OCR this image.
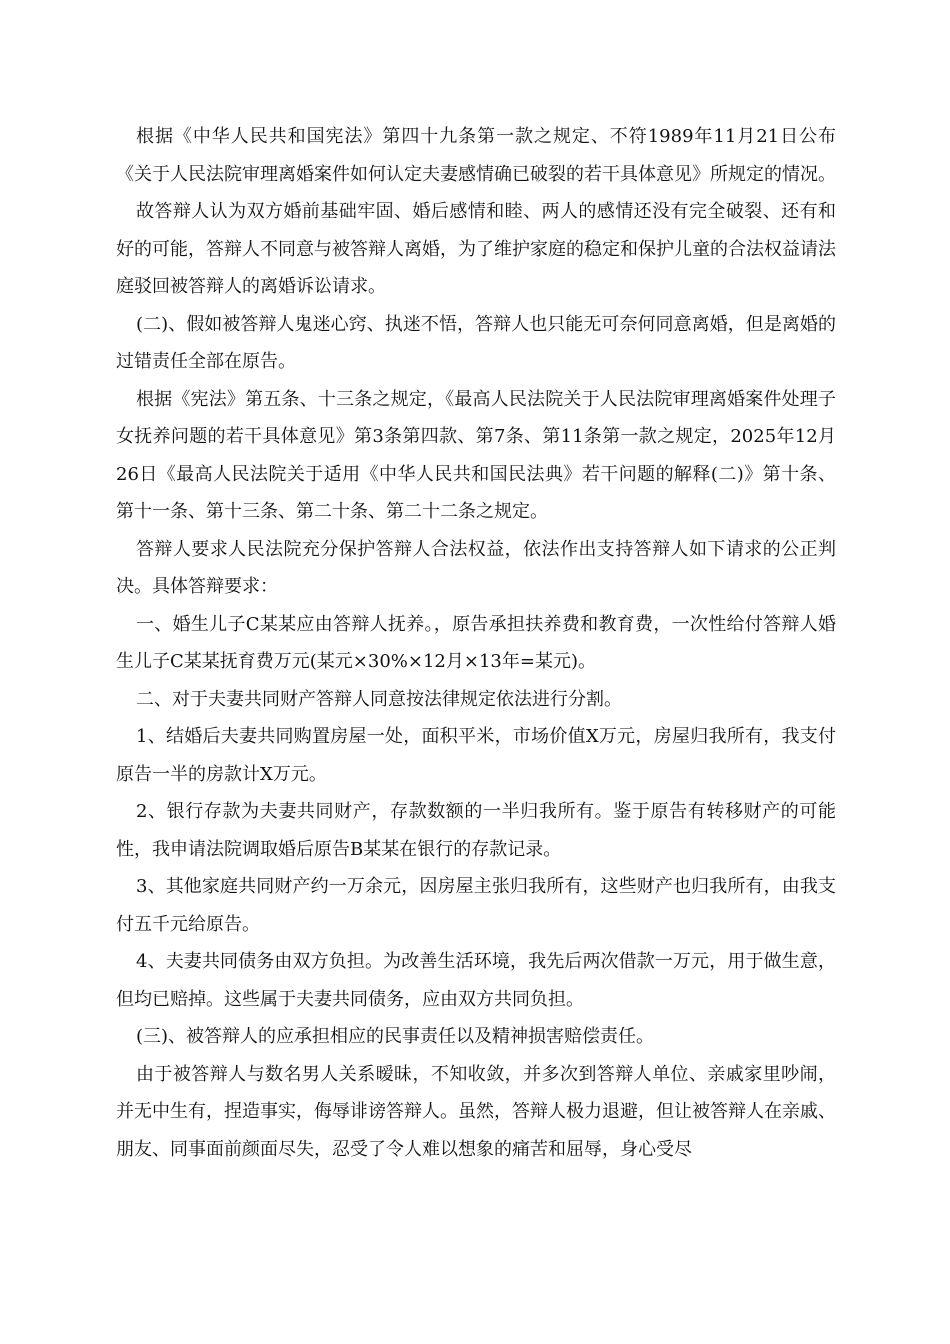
根据《中华人民共和国宪法》第四十九条第一款之规定、不符1989年11月21日公布《关于人民法院审理离婚案件如何认定夫妻感情确已破裂的若干具体意见》所规定的情况。

故答辩人认为双方婚前基础牢固、婚后感情和睦、两人的感情还没有完全破裂、还有和好的可能，答辩人不同意与被答辩人离婚，为了维护家庭的稳定和保护儿童的合法权益请法庭驳回被答辩人的离婚诉讼请求。

(二)、假如被答辩人鬼迷心窍、执迷不悟，答辩人也只能无可奈何同意离婚，但是离婚的过错责任全部在原告。

根据《宪法》第五条、十三条之规定，《最高人民法院关于人民法院审理离婚案件处理子女抚养问题的若干具体意见》第3条第四款、第7条、第11条第一款之规定，2025年12月26日《最高人民法院关于适用《中华人民共和国民法典》若干问题的解释(二)》第十条、第十一条、第十三条、第二十条、第二十二条之规定。

答辩人要求人民法院充分保护答辩人合法权益，依法作出支持答辩人如下请求的公正判决。具体答辩要求：

一、婚生儿子C某某应由答辩人抚养。，原告承担扶养费和教育费，一次性给付答辩人婚生儿子C某某抚育费万元(某元×30%×12月×13年=某元)。

二、对于夫妻共同财产答辩人同意按法律规定依法进行分割。

1、结婚后夫妻共同购置房屋一处，面积平米，市场价值X万元，房屋归我所有，我支付原告一半的房款计X万元。

2、银行存款为夫妻共同财产，存款数额的一半归我所有。鉴于原告有转移财产的可能性，我申请法院调取婚后原告B某某在银行的存款记录。

3、其他家庭共同财产约一万余元，因房屋主张归我所有，这些财产也归我所有，由我支付五千元给原告。

4、夫妻共同债务由双方负担。为改善生活环境，我先后两次借款一万元，用于做生意，但均已赔掉。这些属于夫妻共同债务，应由双方共同负担。

(三)、被答辩人的应承担相应的民事责任以及精神损害赔偿责任。

由于被答辩人与数名男人关系暧昧，不知收敛，并多次到答辩人单位、亲戚家里吵闹，并无中生有，捏造事实，侮辱诽谤答辩人。虽然，答辩人极力退避，但让被答辩人在亲戚、朋友、同事面前颜面尽失，忍受了令人难以想象的痛苦和屈辱，身心受尽
